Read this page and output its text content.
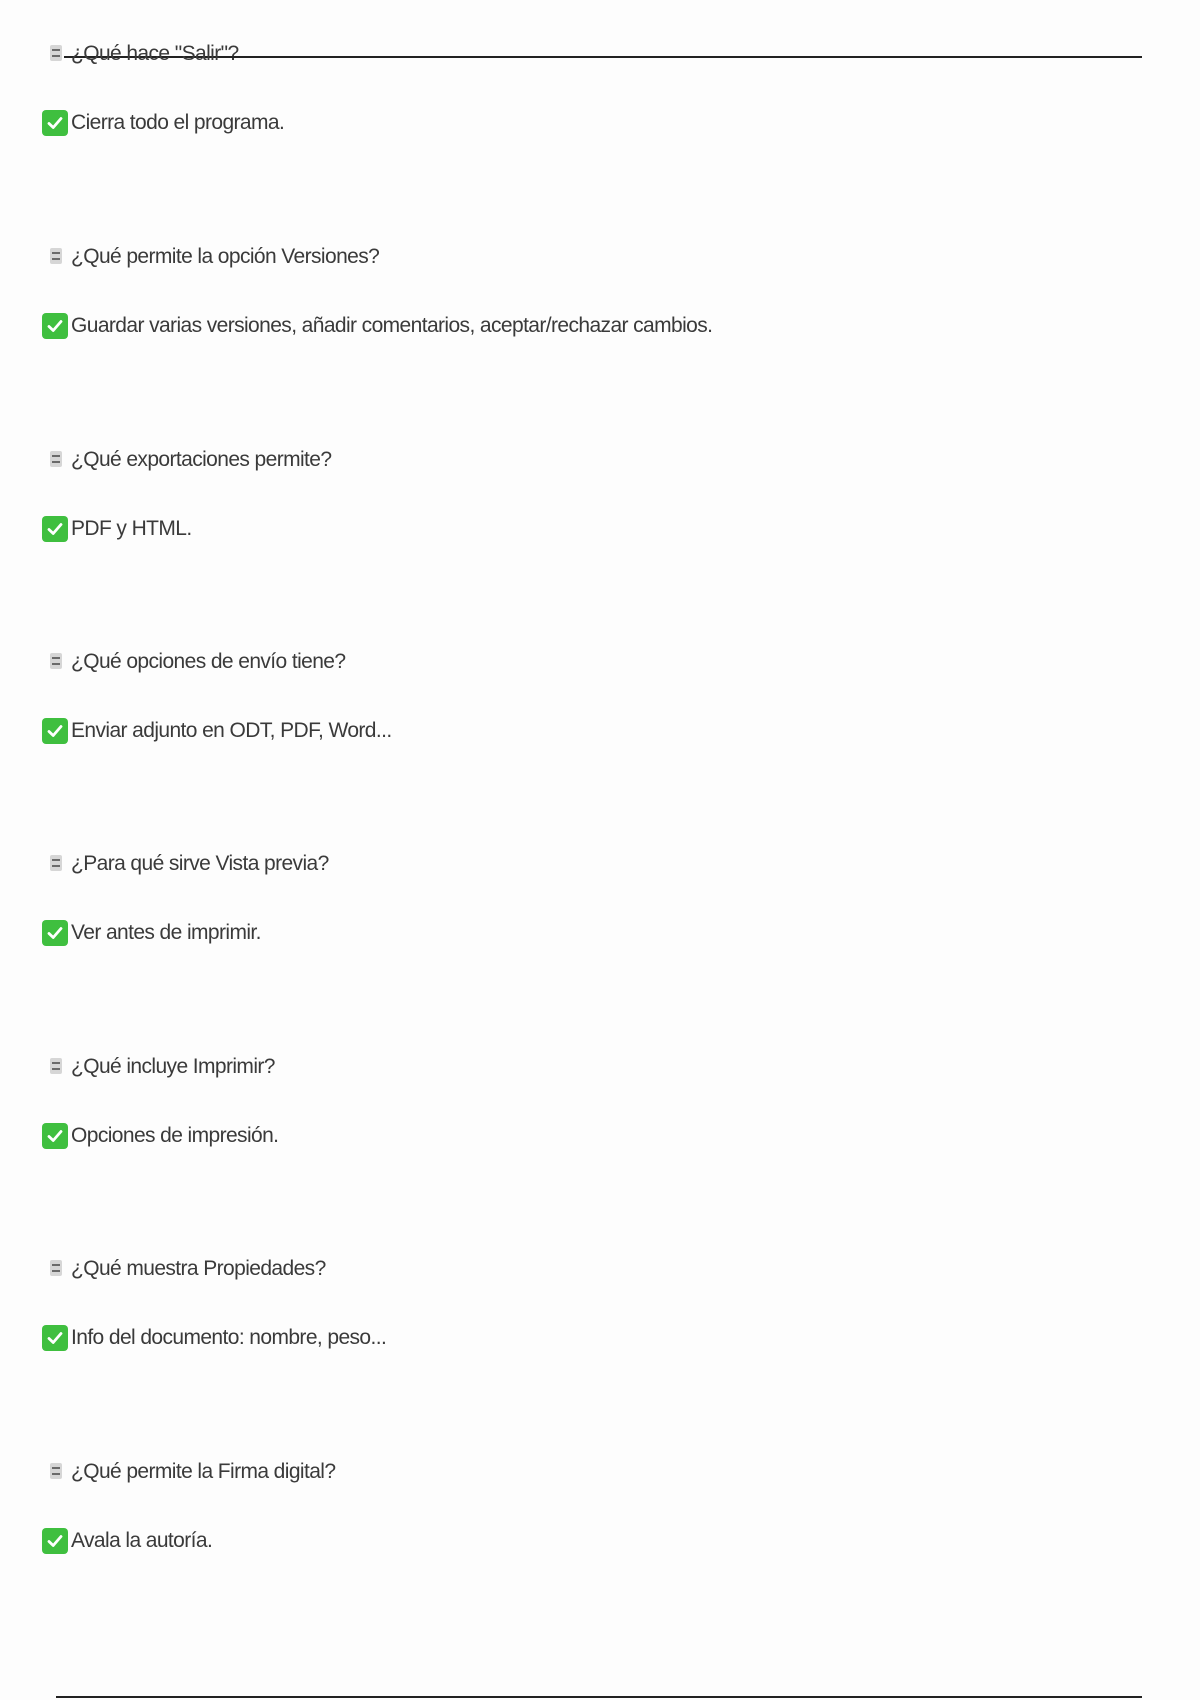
¿Qué hace "Salir"?
Cierra todo el programa.
¿Qué permite la opción Versiones?
Guardar varias versiones, añadir comentarios, aceptar/rechazar cambios.
¿Qué exportaciones permite?
PDF y HTML.
¿Qué opciones de envío tiene?
Enviar adjunto en ODT, PDF, Word...
¿Para qué sirve Vista previa?
Ver antes de imprimir.
¿Qué incluye Imprimir?
Opciones de impresión.
¿Qué muestra Propiedades?
Info del documento: nombre, peso...
¿Qué permite la Firma digital?
Avala la autoría.
